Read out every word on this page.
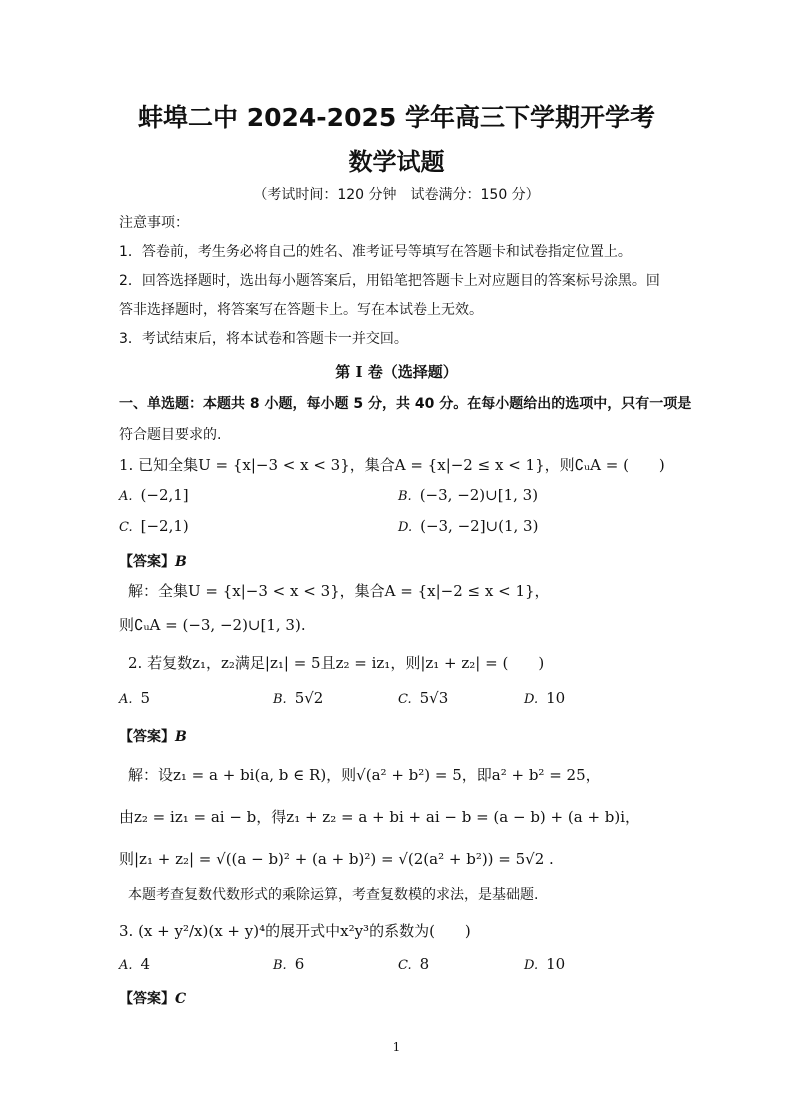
蚌埠二中 2024-2025 学年高三下学期开学考
数学试题
（考试时间：120 分钟　试卷满分：150 分）
注意事项：
1．答卷前，考生务必将自己的姓名、准考证号等填写在答题卡和试卷指定位置上。
2．回答选择题时，选出每小题答案后，用铅笔把答题卡上对应题目的答案标号涂黑。回
答非选择题时，将答案写在答题卡上。写在本试卷上无效。
3．考试结束后，将本试卷和答题卡一并交回。
第 I 卷（选择题）
一、单选题：本题共 8 小题，每小题 5 分，共 40 分。在每小题给出的选项中，只有一项是
符合题目要求的.
1. 已知全集U = {x|−3 < x < 3}，集合A = {x|−2 ≤ x < 1}，则∁ᵤA = (　　)
A. (−2,1]	B. (−3, −2)∪[1, 3)
C. [−2,1)	D. (−3, −2]∪(1, 3)
【答案】B
解：全集U = {x|−3 < x < 3}，集合A = {x|−2 ≤ x < 1}，
则∁ᵤA = (−3, −2)∪[1, 3).
2. 若复数z₁，z₂满足|z₁| = 5且z₂ = iz₁，则|z₁ + z₂| = (　　)
A. 5	B. 5√2	C. 5√3	D. 10
【答案】B
解：设z₁ = a + bi(a, b ∈ R)，则√(a² + b²) = 5，即a² + b² = 25，
由z₂ = iz₁ = ai − b，得z₁ + z₂ = a + bi + ai − b = (a − b) + (a + b)i，
则|z₁ + z₂| = √((a − b)² + (a + b)²) = √(2(a² + b²)) = 5√2 .
本题考查复数代数形式的乘除运算，考查复数模的求法，是基础题.
3. (x + y²/x)(x + y)⁴的展开式中x²y³的系数为(　　)
A. 4	B. 6	C. 8	D. 10
【答案】C
1
